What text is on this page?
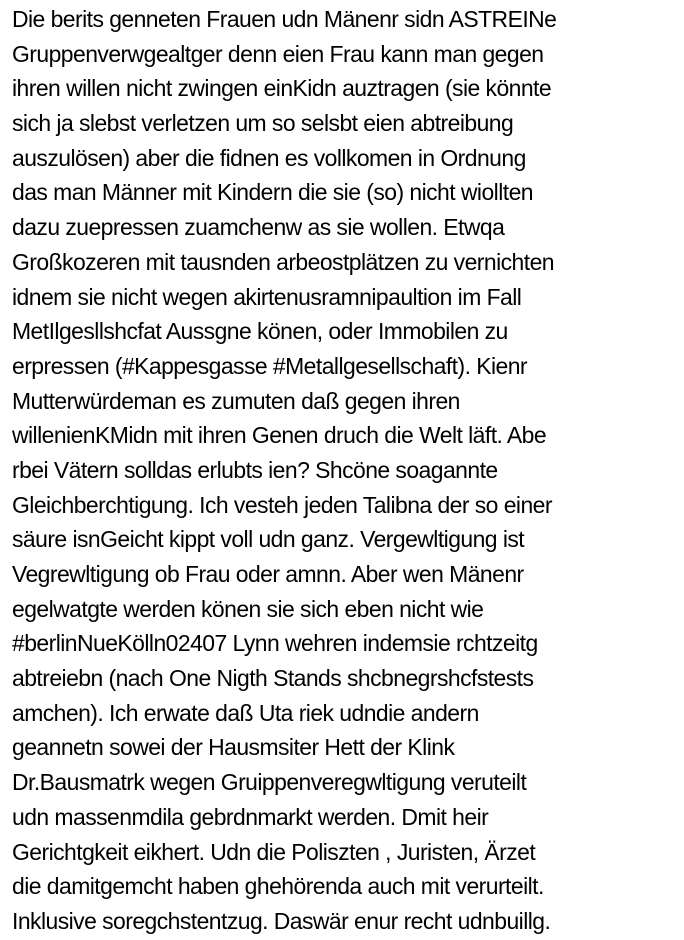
Die berits genneten Frauen udn Mänenr sidn ASTREINe
Gruppenverwgealtger denn eien Frau kann man gegen
ihren willen nicht zwingen einKidn auztragen (sie könnte
sich ja slebst verletzen um so selsbt eien abtreibung
auszulösen) aber die fidnen es vollkomen in Ordnung
das man Männer mit Kindern die sie (so) nicht wiollten
dazu zuepressen zuamchenw as sie wollen. Etwqa
Großkozeren mit tausnden arbeostplätzen zu vernichten
idnem sie nicht wegen akirtenusramnipaultion im Fall
MetIlgesllshcfat Aussgne könen, oder Immobilen zu
erpressen (#Kappesgasse #Metallgesellschaft). Kienr
Mutterwürdeman es zumuten daß gegen ihren
willenienKMidn mit ihren Genen druch die Welt läft. Abe
rbei Vätern solldas erlubts ien? Shcöne soagannte
Gleichberchtigung. Ich vesteh jeden Talibna der so einer
säure isnGeicht kippt voll udn ganz. Vergewltigung ist
Vegrewltigung ob Frau oder amnn. Aber wen Mänenr
egelwatgte werden könen sie sich eben nicht wie
#berlinNueKölln02407 Lynn wehren indemsie rchtzeitg
abtreiebn (nach One Nigth Stands shcbnegrshcfstests
amchen). Ich erwate daß Uta riek udndie andern
geannetn sowei der Hausmsiter Hett der Klink
Dr.Bausmatrk wegen Gruippenveregwltigung veruteilt
udn massenmdila gebrdnmarkt werden. Dmit heir
Gerichtgkeit eikhert. Udn die Poliszten , Juristen, Ärzet
die damitgemcht haben ghehörenda auch mit verurteilt.
Inklusive soregchstentzug. Daswär enur recht udnbuillg.
